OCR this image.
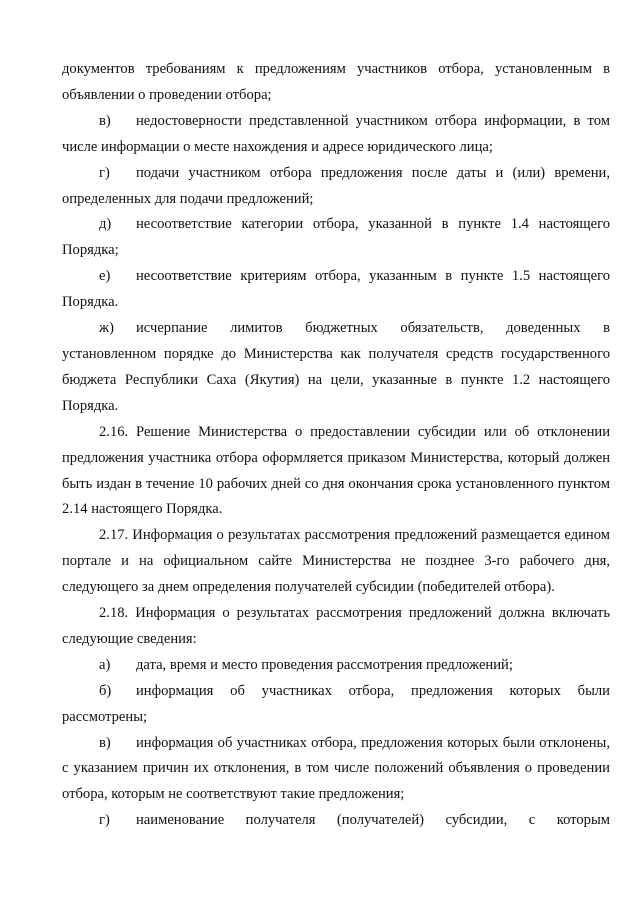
документов требованиям к предложениям участников отбора, установленным в объявлении о проведении отбора;

в) недостоверности представленной участником отбора информации, в том числе информации о месте нахождения и адресе юридического лица;

г) подачи участником отбора предложения после даты и (или) времени, определенных для подачи предложений;

д) несоответствие категории отбора, указанной в пункте 1.4 настоящего Порядка;

е) несоответствие критериям отбора, указанным в пункте 1.5 настоящего Порядка.

ж) исчерпание лимитов бюджетных обязательств, доведенных в установленном порядке до Министерства как получателя средств государственного бюджета Республики Саха (Якутия) на цели, указанные в пункте 1.2 настоящего Порядка.

2.16. Решение Министерства о предоставлении субсидии или об отклонении предложения участника отбора оформляется приказом Министерства, который должен быть издан в течение 10 рабочих дней со дня окончания срока установленного пунктом 2.14 настоящего Порядка.

2.17. Информация о результатах рассмотрения предложений размещается едином портале и на официальном сайте Министерства не позднее 3-го рабочего дня, следующего за днем определения получателей субсидии (победителей отбора).

2.18. Информация о результатах рассмотрения предложений должна включать следующие сведения:

а) дата, время и место проведения рассмотрения предложений;

б) информация об участниках отбора, предложения которых были рассмотрены;

в) информация об участниках отбора, предложения которых были отклонены, с указанием причин их отклонения, в том числе положений объявления о проведении отбора, которым не соответствуют такие предложения;

г) наименование получателя (получателей) субсидии, с которым
